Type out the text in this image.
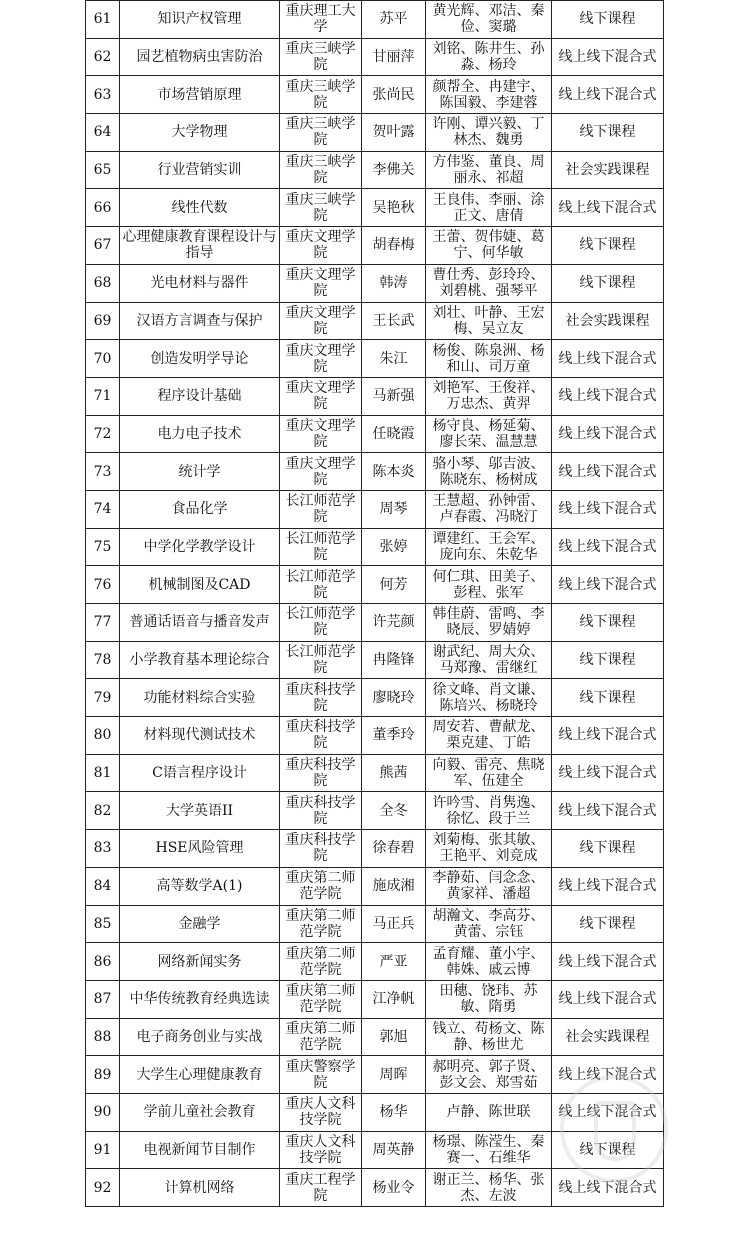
61	知识产权管理	重庆理工大学	苏平	黄光辉、邓洁、秦俭、窦璐	线下课程
62	园艺植物病虫害防治	重庆三峡学院	甘丽萍	刘铭、陈井生、孙淼、杨玲	线上线下混合式
63	市场营销原理	重庆三峡学院	张尚民	颜帮全、冉建宇、陈国毅、李建蓉	线上线下混合式
64	大学物理	重庆三峡学院	贺叶露	许刚、谭兴毅、丁林杰、魏勇	线下课程
65	行业营销实训	重庆三峡学院	李佛关	方伟鉴、董良、周丽永、祁超	社会实践课程
66	线性代数	重庆三峡学院	吴艳秋	王良伟、李丽、涂正文、唐倩	线上线下混合式
67	心理健康教育课程设计与指导	重庆文理学院	胡春梅	王蕾、贺伟婕、葛宁、何华敏	线下课程
68	光电材料与器件	重庆文理学院	韩涛	曹仕秀、彭玲玲、刘碧桃、强琴平	线下课程
69	汉语方言调查与保护	重庆文理学院	王长武	刘壮、叶静、王宏梅、吴立友	社会实践课程
70	创造发明学导论	重庆文理学院	朱江	杨俊、陈泉洲、杨和山、司万童	线上线下混合式
71	程序设计基础	重庆文理学院	马新强	刘艳军、王俊祥、万忠杰、黄羿	线上线下混合式
72	电力电子技术	重庆文理学院	任晓霞	杨守良、杨延菊、廖长荣、温慧慧	线上线下混合式
73	统计学	重庆文理学院	陈本炎	骆小琴、邬吉波、陈晓东、杨树成	线上线下混合式
74	食品化学	长江师范学院	周琴	王慧超、孙钟雷、卢春霞、冯晓汀	线上线下混合式
75	中学化学教学设计	长江师范学院	张婷	谭建红、王会军、庞向东、朱乾华	线上线下混合式
76	机械制图及CAD	长江师范学院	何芳	何仁琪、田美子、彭程、张军	线上线下混合式
77	普通话语音与播音发声	长江师范学院	许芫颜	韩佳蔚、雷鸣、李晓辰、罗婧婷	线下课程
78	小学教育基本理论综合	长江师范学院	冉隆锋	谢武纪、周大众、马郑豫、雷继红	线下课程
79	功能材料综合实验	重庆科技学院	廖晓玲	徐文峰、肖文谦、陈培兴、杨晓玲	线下课程
80	材料现代测试技术	重庆科技学院	董季玲	周安若、曹献龙、栗克建、丁皓	线上线下混合式
81	C语言程序设计	重庆科技学院	熊茜	向毅、雷亮、焦晓军、伍建全	线上线下混合式
82	大学英语II	重庆科技学院	全冬	许吟雪、肖隽逸、徐忆、段于兰	线上线下混合式
83	HSE风险管理	重庆科技学院	徐春碧	刘菊梅、张其敏、王艳平、刘竞成	线下课程
84	高等数学A(1)	重庆第二师范学院	施成湘	李静茹、闫念念、黄家祥、潘超	线上线下混合式
85	金融学	重庆第二师范学院	马正兵	胡瀚文、李高芬、黄蕾、宗钰	线下课程
86	网络新闻实务	重庆第二师范学院	严亚	孟育耀、董小宇、韩姝、戚云博	线上线下混合式
87	中华传统教育经典选读	重庆第二师范学院	江净帆	田穗、饶玮、苏敏、隋勇	线上线下混合式
88	电子商务创业与实战	重庆第二师范学院	郭旭	钱立、苟杨文、陈静、杨世尤	社会实践课程
89	大学生心理健康教育	重庆警察学院	周晖	郝明亮、郭子贤、彭文会、郑雪茹	线上线下混合式
90	学前儿童社会教育	重庆人文科技学院	杨华	卢静、陈世联	线上线下混合式
91	电视新闻节目制作	重庆人文科技学院	周英静	杨璟、陈滢生、秦赛一、石维华	线下课程
92	计算机网络	重庆工程学院	杨业令	谢正兰、杨华、张杰、左波	线上线下混合式
